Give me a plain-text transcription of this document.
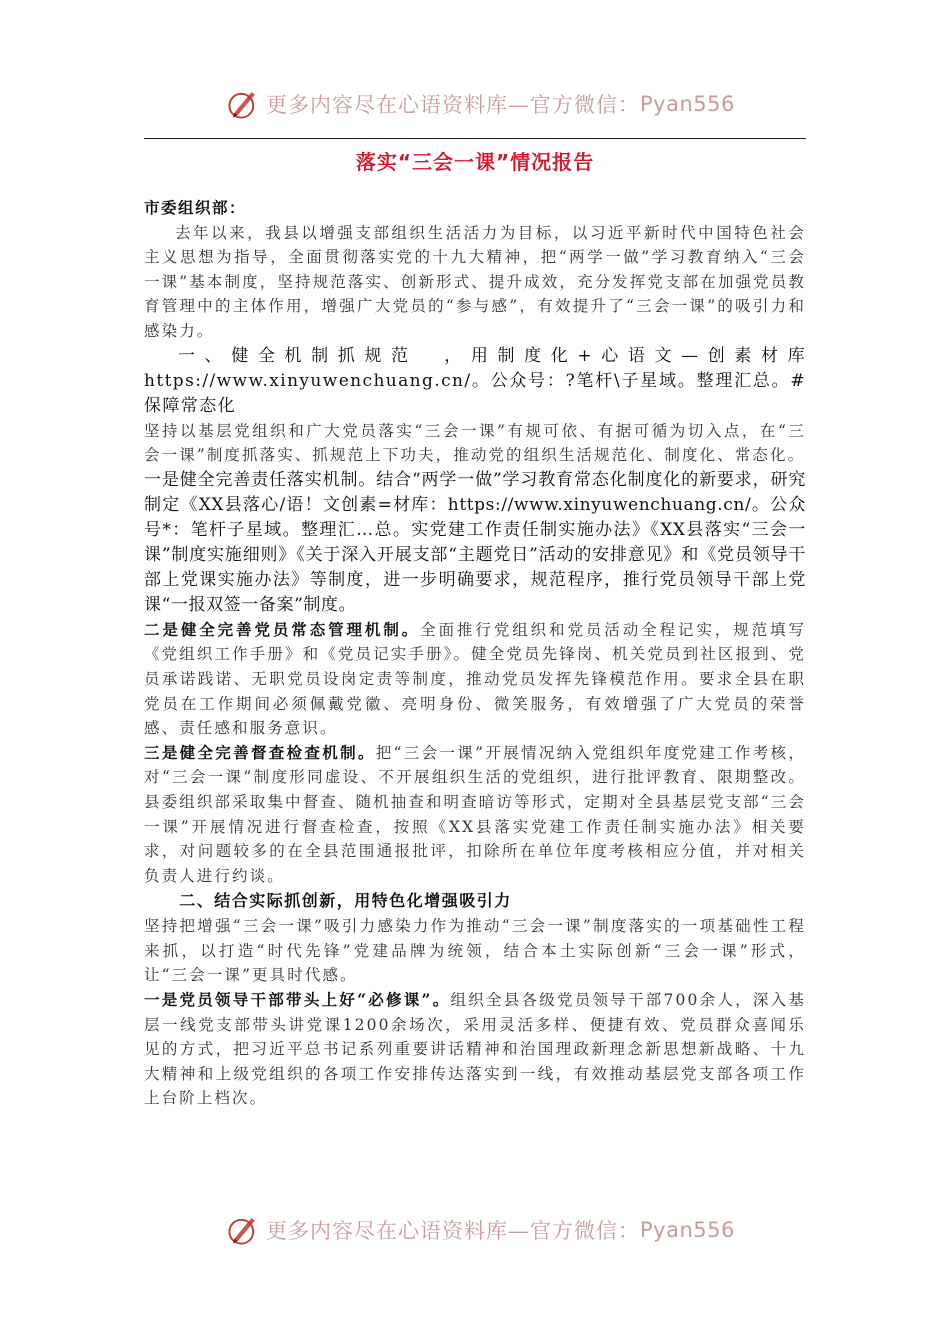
更多内容尽在心语资料库—官方微信： Pyan556
落实“三会一课”情况报告

市委组织部：

去年以来，我县以增强支部组织生活活力为目标，以习近平新时代中国特色社会主义思想为指导，全面贯彻落实党的十九大精神，把“两学一做”学习教育纳入“三会一课”基本制度，坚持规范落实、创新形式、提升成效，充分发挥党支部在加强党员教育管理中的主体作用，增强广大党员的“参与感”，有效提升了“三会一课”的吸引力和感染力。

一、健全机制抓规范　，用制度化+心语文—创素材库https://www.xinyuwenchuang.cn/。公众号：?笔杆\子星域。整理汇总。#保障常态化

坚持以基层党组织和广大党员落实“三会一课”有规可依、有据可循为切入点，在“三会一课”制度抓落实、抓规范上下功夫，推动党的组织生活规范化、制度化、常态化。

一是健全完善责任落实机制。结合“两学一做”学习教育常态化制度化的新要求，研究制定《XX县落心/语！文创素=材库：https://www.xinyuwenchuang.cn/。公众号*：笔杆子星域。整理汇…总。实党建工作责任制实施办法》《XX县落实“三会一课”制度实施细则》《关于深入开展支部“主题党日”活动的安排意见》和《党员领导干部上党课实施办法》等制度，进一步明确要求，规范程序，推行党员领导干部上党课“一报双签一备案”制度。

二是健全完善党员常态管理机制。全面推行党组织和党员活动全程记实，规范填写《党组织工作手册》和《党员记实手册》。健全党员先锋岗、机关党员到社区报到、党员承诺践诺、无职党员设岗定责等制度，推动党员发挥先锋模范作用。要求全县在职党员在工作期间必须佩戴党徽、亮明身份、微笑服务，有效增强了广大党员的荣誉感、责任感和服务意识。

三是健全完善督查检查机制。把“三会一课”开展情况纳入党组织年度党建工作考核，对“三会一课”制度形同虚设、不开展组织生活的党组织，进行批评教育、限期整改。县委组织部采取集中督查、随机抽查和明查暗访等形式，定期对全县基层党支部“三会一课”开展情况进行督查检查，按照《XX县落实党建工作责任制实施办法》相关要求，对问题较多的在全县范围通报批评，扣除所在单位年度考核相应分值，并对相关负责人进行约谈。

二、结合实际抓创新，用特色化增强吸引力

坚持把增强“三会一课”吸引力感染力作为推动“三会一课”制度落实的一项基础性工程来抓，以打造“时代先锋”党建品牌为统领，结合本土实际创新“三会一课”形式，让“三会一课”更具时代感。

一是党员领导干部带头上好“必修课”。组织全县各级党员领导干部700余人，深入基层一线党支部带头讲党课1200余场次，采用灵活多样、便捷有效、党员群众喜闻乐见的方式，把习近平总书记系列重要讲话精神和治国理政新理念新思想新战略、十九大精神和上级党组织的各项工作安排传达落实到一线，有效推动基层党支部各项工作上台阶上档次。

更多内容尽在心语资料库—官方微信： Pyan556
